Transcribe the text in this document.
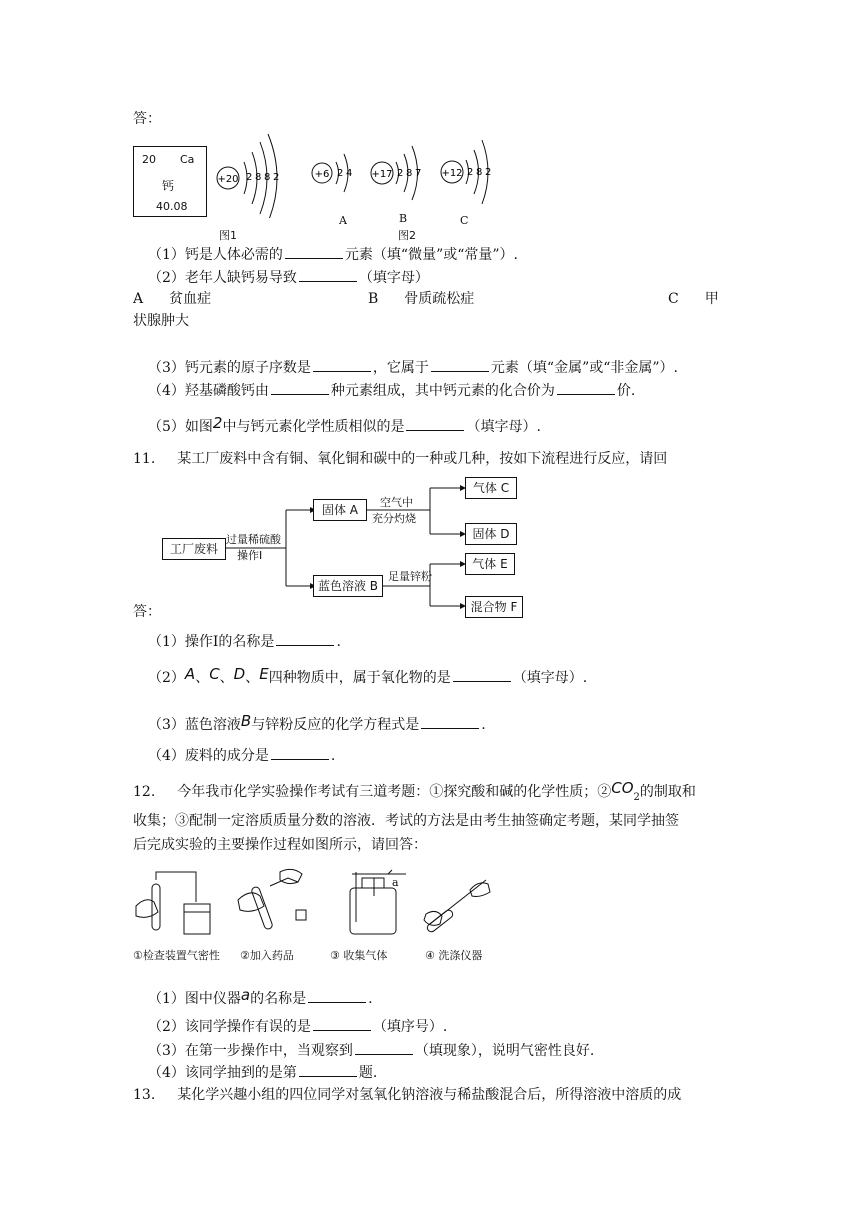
答：
20 Ca
钙
40.08
+20 2 8 8 2
图1
+6 2 4
A
+17 2 8 7
B
图2
+12 2 8 2
C
（1）钙是人体必需的	元素（填“微量”或“常量”）.
（2）老年人缺钙易导致	（填字母）
A 贫血症	B 骨质疏松症	C 甲
状腺肿大
（3）钙元素的原子序数是	，它属于	元素（填“金属”或“非金属”）.
（4）羟基磷酸钙由	种元素组成，其中钙元素的化合价为	价.
（5）如图2中与钙元素化学性质相似的是	（填字母）.
11. 某工厂废料中含有铜、氧化铜和碳中的一种或几种，按如下流程进行反应，请回
工厂废料
过量稀硫酸
操作Ⅰ
固体 A
空气中
充分灼烧
气体 C
固体 D
蓝色溶液 B
足量锌粉
气体 E
混合物 F
答：
（1）操作Ⅰ的名称是	.
（2）A、C、D、E四种物质中，属于氧化物的是	（填字母）.
（3）蓝色溶液B与锌粉反应的化学方程式是	.
（4）废料的成分是	.
12. 今年我市化学实验操作考试有三道考题：①探究酸和碱的化学性质；$②CO_2$的制取和
收集；③配制一定溶质质量分数的溶液．考试的方法是由考生抽签确定考题，某同学抽签
后完成实验的主要操作过程如图所示，请回答：
①检查装置气密性 ②加入药品	③ 收集气体	④ 洗涤仪器
a
（1）图中仪器a的名称是	.
（2）该同学操作有误的是	（填序号）.
（3）在第一步操作中，当观察到	（填现象），说明气密性良好.
（4）该同学抽到的是第	题.
13. 某化学兴趣小组的四位同学对氢氧化钠溶液与稀盐酸混合后，所得溶液中溶质的成
